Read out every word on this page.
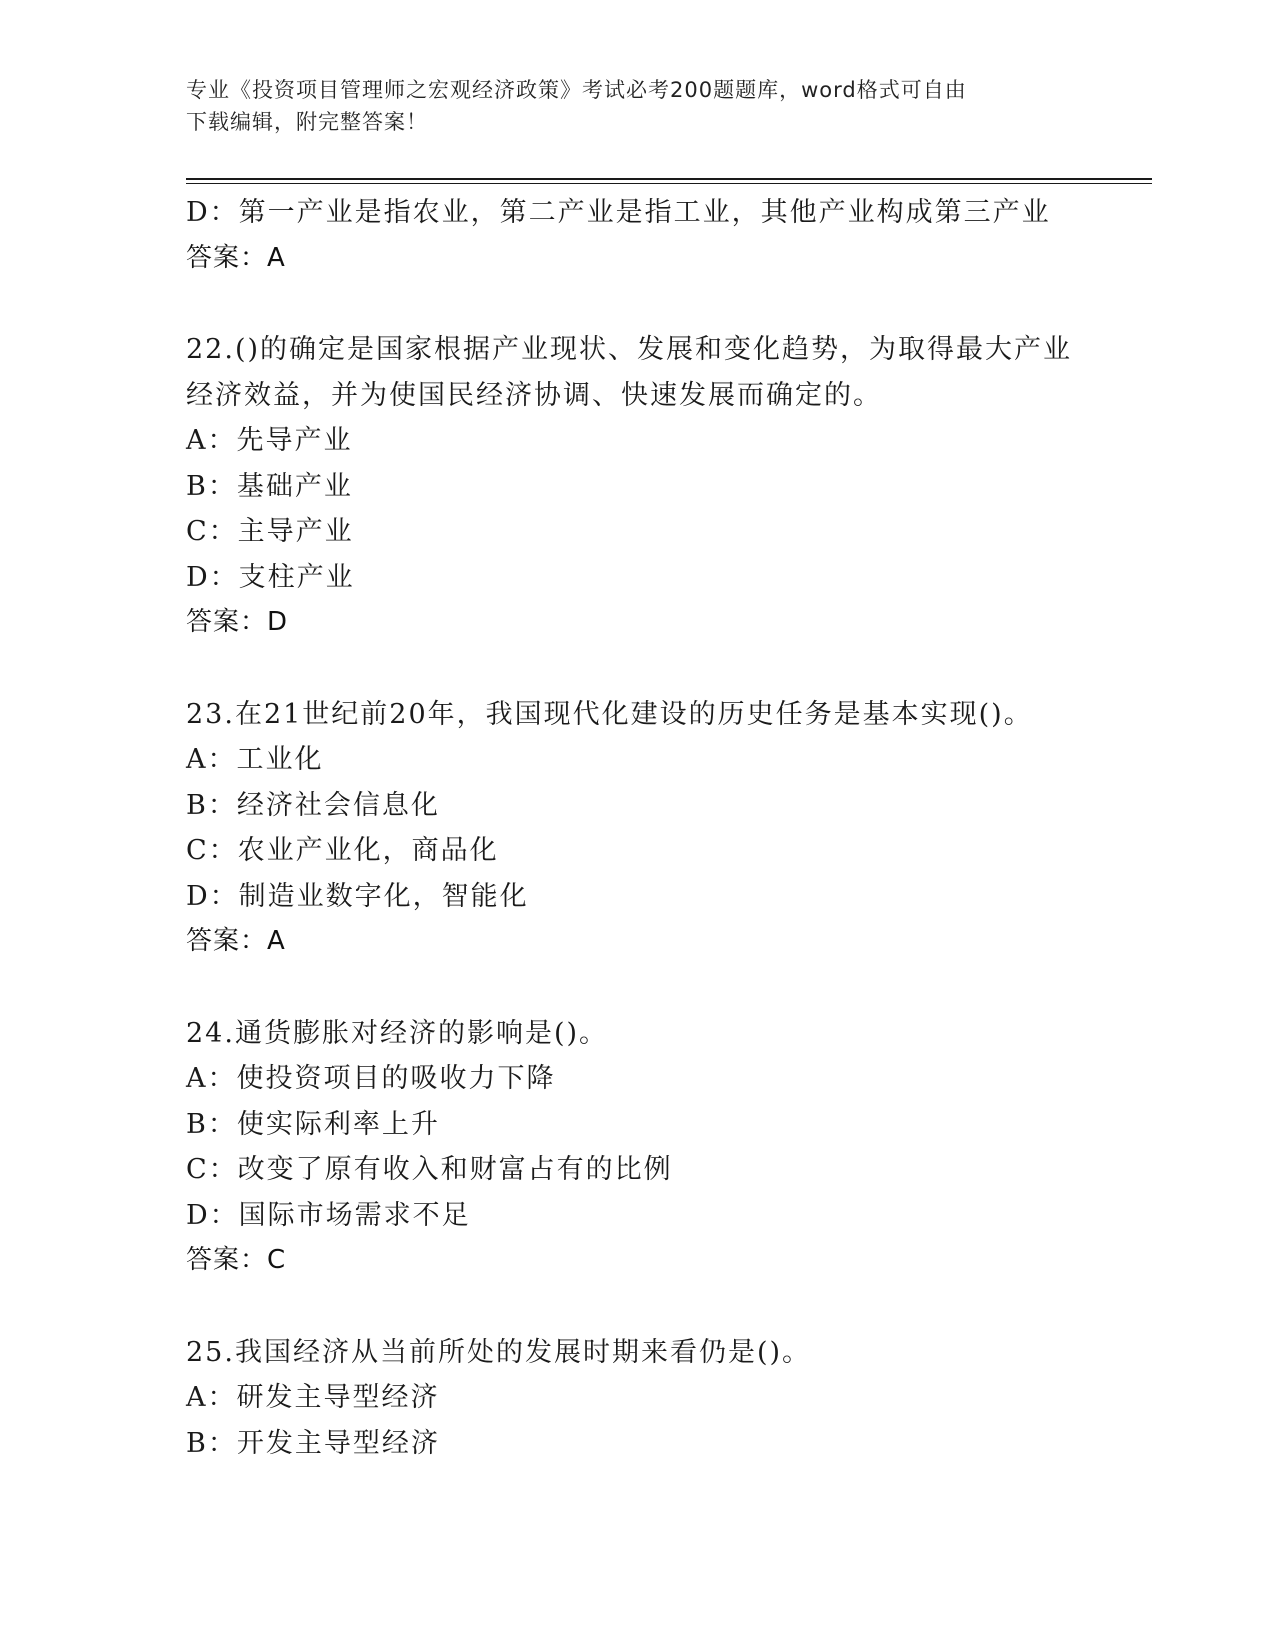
专业《投资项目管理师之宏观经济政策》考试必考200题题库，word格式可自由
下载编辑，附完整答案！
D：第一产业是指农业，第二产业是指工业，其他产业构成第三产业
答案：A
22.()的确定是国家根据产业现状、发展和变化趋势，为取得最大产业
经济效益，并为使国民经济协调、快速发展而确定的。
A：先导产业
B：基础产业
C：主导产业
D：支柱产业
答案：D
23.在21世纪前20年，我国现代化建设的历史任务是基本实现()。
A：工业化
B：经济社会信息化
C：农业产业化，商品化
D：制造业数字化，智能化
答案：A
24.通货膨胀对经济的影响是()。
A：使投资项目的吸收力下降
B：使实际利率上升
C：改变了原有收入和财富占有的比例
D：国际市场需求不足
答案：C
25.我国经济从当前所处的发展时期来看仍是()。
A：研发主导型经济
B：开发主导型经济
